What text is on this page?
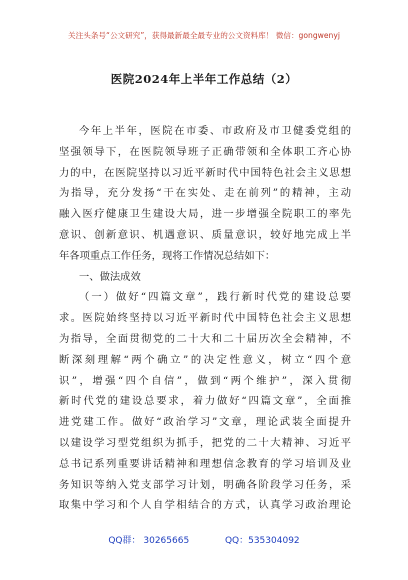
关注头条号“公文研究”，获得最新最全最专业的公文资料库！ 微信：gongwenyj
医院2024年上半年工作总结（2）
今年上半年，医院在市委、市政府及市卫健委党组的
坚强领导下，在医院领导班子正确带领和全体职工齐心协
力的中，在医院坚持以习近平新时代中国特色社会主义思想
为指导，充分发扬“干在实处、走在前列”的精神，主动
融入医疗健康卫生建设大局，进一步增强全院职工的率先
意识、创新意识、机遇意识、质量意识，较好地完成上半
年各项重点工作任务，现将工作情况总结如下：
一、做法成效
（一）做好“四篇文章”，践行新时代党的建设总要
求。医院始终坚持以习近平新时代中国特色社会主义思想
为指导，全面贯彻党的二十大和二十届历次全会精神，不
断深刻理解“两个确立”的决定性意义，树立“四个意
识”，增强“四个自信”，做到“两个维护”，深入贯彻
新时代党的建设总要求，着力做好“四篇文章”，全面推
进党建工作。做好“政治学习”文章，理论武装全面提升
以建设学习型党组织为抓手，把党的二十大精神、习近平
总书记系列重要讲话精神和理想信念教育的学习培训及业
务知识等纳入党支部学习计划，明确各阶段学习任务，采
取集中学习和个人自学相结合的方式，认真学习政治理论
QQ群： 30265665	QQ：535304092
